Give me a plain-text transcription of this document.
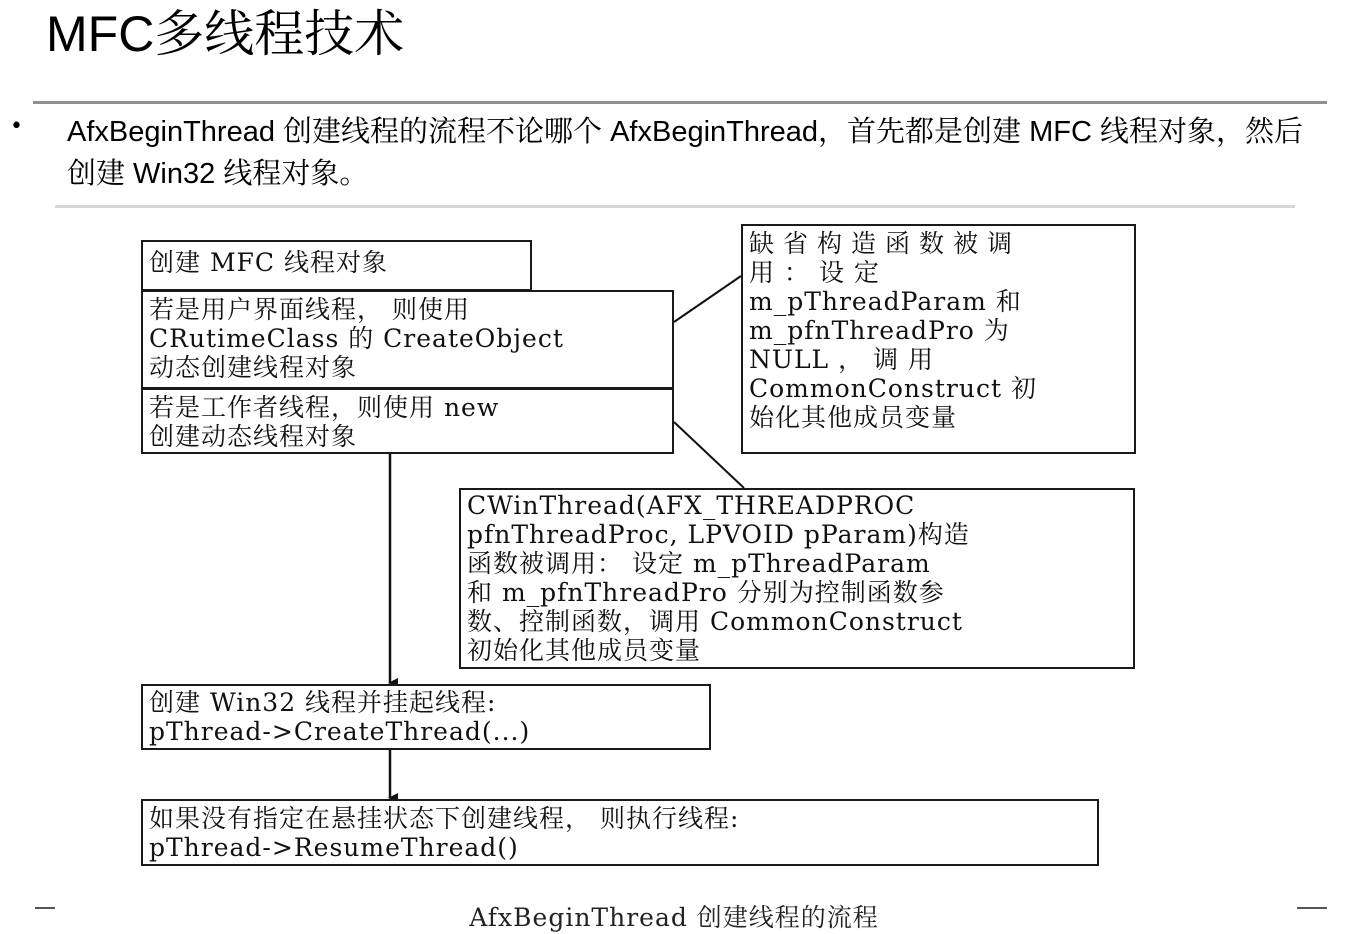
MFC多线程技术
• AfxBeginThread 创建线程的流程不论哪个 AfxBeginThread，首先都是创建 MFC 线程对象，然后创建 Win32 线程对象。
创建 MFC 线程对象
若是用户界面线程， 则使用
CRutimeClass 的 CreateObject
动态创建线程对象
若是工作者线程，则使用 new
创建动态线程对象
缺省构造函数被调
用 ： 设 定
m_pThreadParam 和
m_pfnThreadPro 为
NULL ， 调 用
CommonConstruct 初
始化其他成员变量
CWinThread(AFX_THREADPROC
pfnThreadProc, LPVOID pParam)构造
函数被调用： 设定 m_pThreadParam
和 m_pfnThreadPro 分别为控制函数参
数、控制函数，调用 CommonConstruct
初始化其他成员变量
创建 Win32 线程并挂起线程:
pThread->CreateThread(...)
如果没有指定在悬挂状态下创建线程， 则执行线程:
pThread->ResumeThread()
AfxBeginThread 创建线程的流程
